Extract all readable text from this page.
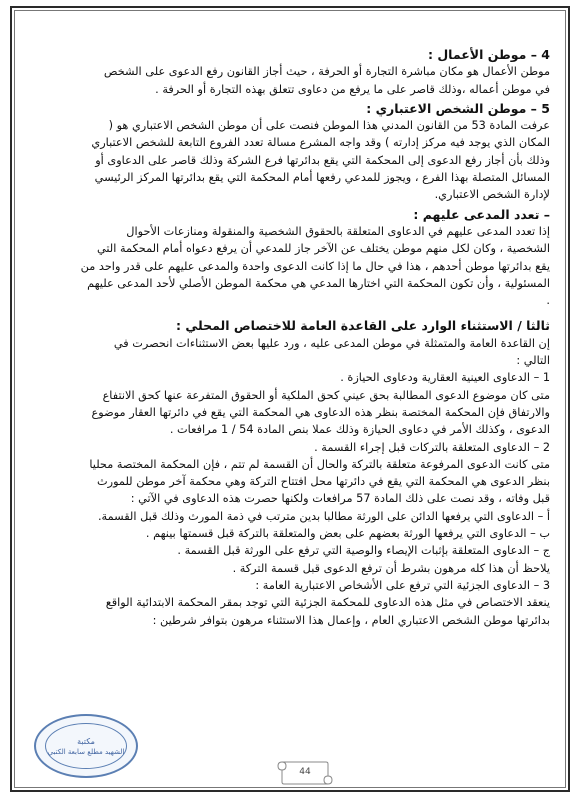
4 – موطن الأعمال :

موطن الأعمال هو مكان مباشرة التجارة أو الحرفة ، حيث أجاز القانون رفع الدعوى على الشخص

في موطن أعماله ،وذلك قاصر على ما يرفع من دعاوى تتعلق بهذه التجارة أو الحرفة .

5 – موطن الشخص الاعتباري :

عرفت المادة 53 من القانون المدني هذا الموطن فنصت على أن موطن الشخص الاعتباري هو (

المكان الذي يوجد فيه مركز إدارته ) وقد واجه المشرع مسالة تعدد الفروع التابعة للشخص الاعتباري

وذلك بأن أجاز رفع الدعوى إلى المحكمة التي يقع بدائرتها فرع الشركة وذلك قاصر على الدعاوى أو

المسائل المتصلة بهذا الفرع ، ويجوز للمدعي رفعها أمام المحكمة التي يقع بدائرتها المركز الرئيسي

لإدارة الشخص الاعتباري.

– تعدد المدعى عليهم :

إذا تعدد المدعى عليهم في الدعاوى المتعلقة بالحقوق الشخصية والمنقولة ومنازعات الأحوال

الشخصية ، وكان لكل منهم موطن يختلف عن الآخر جاز للمدعي أن يرفع دعواه أمام المحكمة التي

يقع بدائرتها موطن أحدهم ، هذا في حال ما إذا كانت الدعوى واحدة والمدعى عليهم على قدر واحد من

المسئولية ، وأن تكون المحكمة التي اختارها المدعي هي محكمة الموطن الأصلي لأحد المدعى عليهم

.

ثالثا / الاستثناء الوارد على القاعدة العامة للاختصاص المحلي :

إن القاعدة العامة والمتمثلة في موطن المدعى عليه ، ورد عليها بعض الاستثناءات انحصرت في

التالي :

1 – الدعاوى العينية العقارية ودعاوى الحيازة .

متى كان موضوع الدعوى المطالبة بحق عيني كحق الملكية أو الحقوق المتفرعة عنها كحق الانتفاع

والارتفاق فإن المحكمة المختصة بنظر هذه الدعاوى هي المحكمة التي يقع في دائرتها العقار موضوع

الدعوى ، وكذلك الأمر في دعاوى الحيازة وذلك عملا بنص المادة 54 / 1 مرافعات .

2 – الدعاوى المتعلقة بالتركات قبل إجراء القسمة .

متى كانت الدعوى المرفوعة متعلقة بالتركة والحال أن القسمة لم تتم ، فإن المحكمة المختصة محليا

بنظر الدعوى هي المحكمة التي يقع في دائرتها محل افتتاح التركة وهي محكمة آخر موطن للمورث

قبل وفاته ، وقد نصت على ذلك المادة 57 مرافعات ولكنها حصرت هذه الدعاوى في الآتي :

أ – الدعاوى التي يرفعها الدائن على الورثة مطالبا بدين مترتب في ذمة المورث وذلك قبل القسمة.

ب – الدعاوى التي يرفعها الورثة بعضهم على بعض والمتعلقة بالتركة قبل قسمتها بينهم .

ج – الدعاوى المتعلقة بإثبات الإيصاء والوصية التي ترفع على الورثة قبل القسمة .

يلاحظ أن هذا كله مرهون بشرط أن ترفع الدعوى قبل قسمة التركة .

3 – الدعاوى الجزئية التي ترفع على الأشخاص الاعتبارية العامة :

ينعقد الاختصاص في مثل هذه الدعاوى للمحكمة الجزئية التي توجد بمقر المحكمة الابتدائية الواقع

بدائرتها موطن الشخص الاعتباري العام ، وإعمال هذا الاستثناء مرهون بتوافر شرطين :

مكتبة
الشهيد مطلع سابعة الكتبي
44
